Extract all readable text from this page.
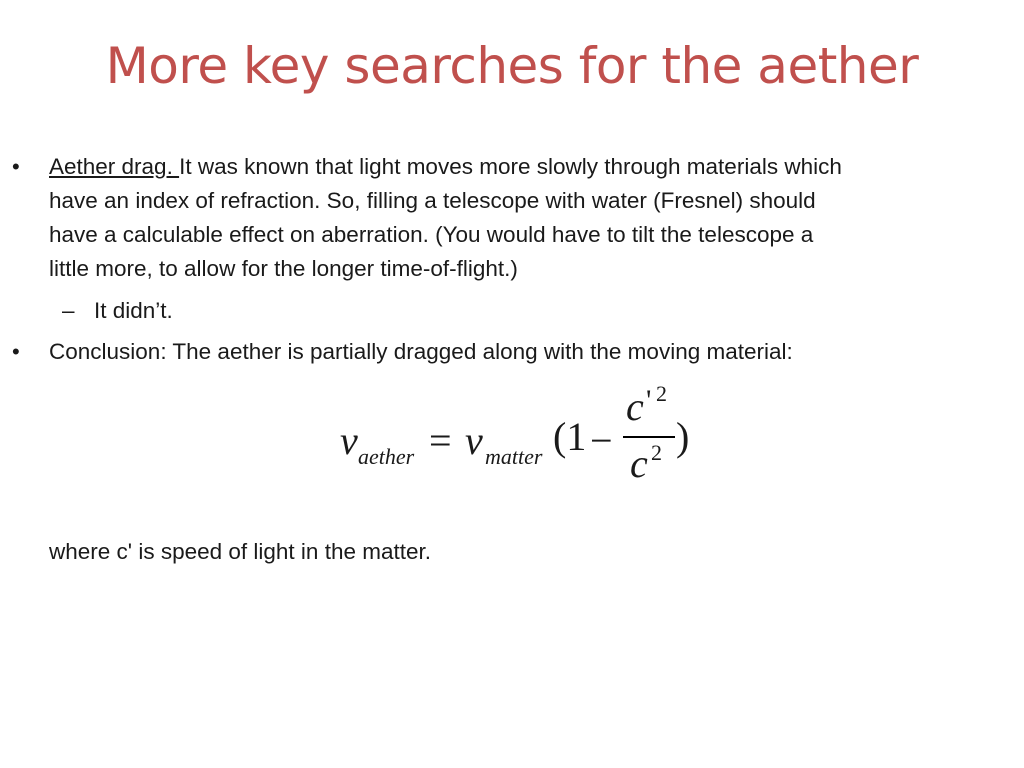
More key searches for the aether
• Aether drag. It was known that light moves more slowly through materials which
have an index of refraction. So, filling a telescope with water (Fresnel) should
have a calculable effect on aberration. (You would have to tilt the telescope a
little more, to allow for the longer time-of-flight.)
– It didn’t.
• Conclusion: The aether is partially dragged along with the moving material:
v aether = v matter (1 −
c ' 2
c 2 )
where c' is speed of light in the matter.
